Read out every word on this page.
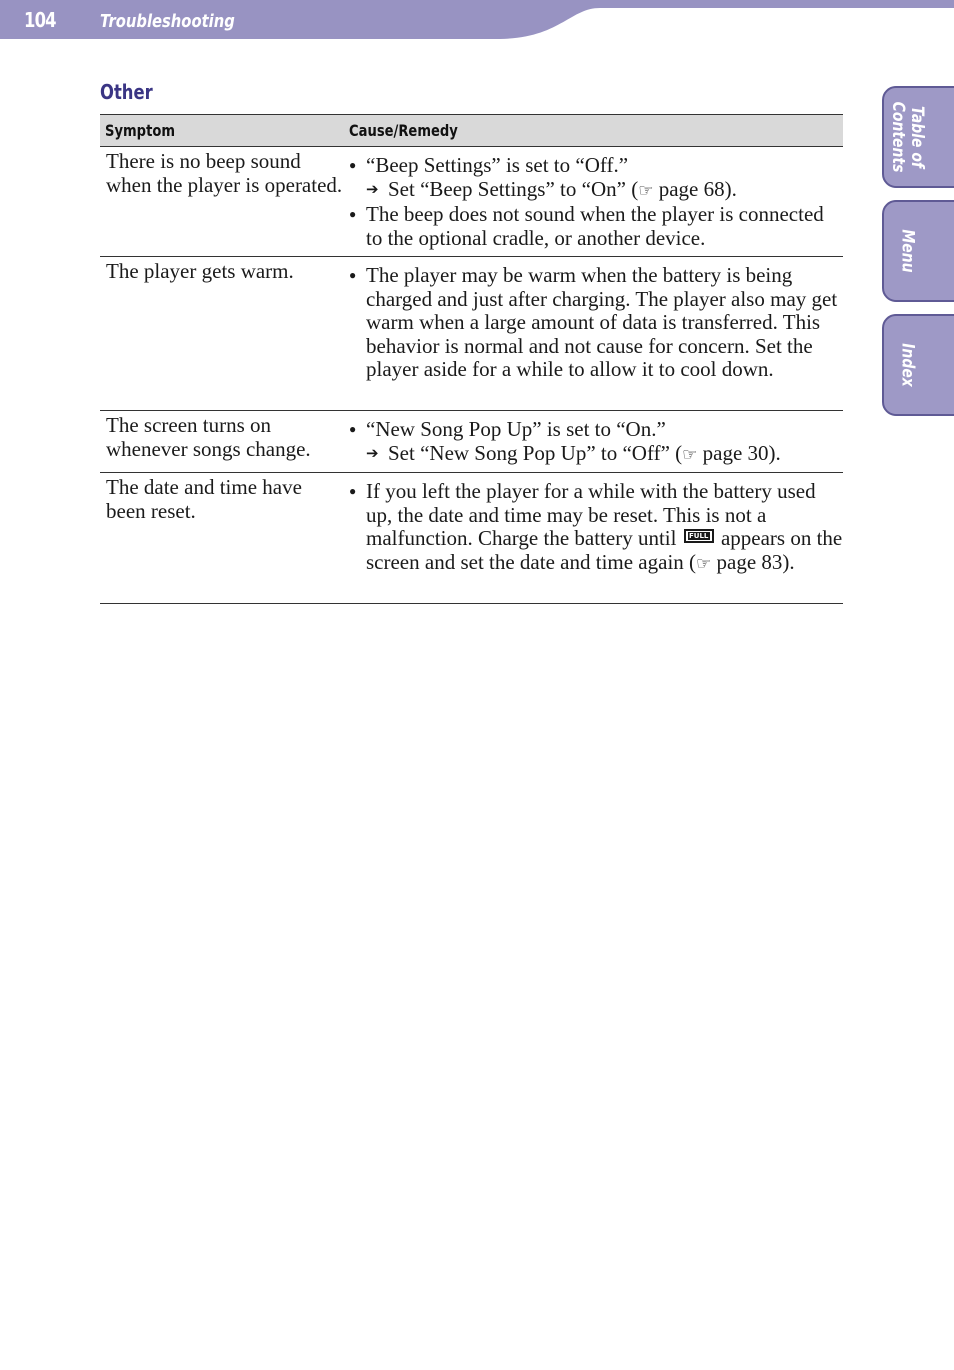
104 Troubleshooting
Table of
Contents
Menu
Index
Other
Symptom	Cause/Remedy
There is no beep sound when the player is operated.
● “Beep Settings” is set to “Off.”
➔ Set “Beep Settings” to “On” (☞ page 68).
● The beep does not sound when the player is connected to the optional cradle, or another device.
The player gets warm.
●	The player may be warm when the battery is being charged and just after charging. The player also may get warm when a large amount of data is transferred. This behavior is normal and not cause for concern. Set the player aside for a while to allow it to cool down.
The screen turns on whenever songs change.
● “New Song Pop Up” is set to “On.”
➔ Set “New Song Pop Up” to “Off” (☞ page 30).
The date and time have been reset.
● If you left the player for a while with the battery used up, the date and time may be reset. This is not a malfunction. Charge the battery until FULL appears on the screen and set the date and time again (☞ page 83).
